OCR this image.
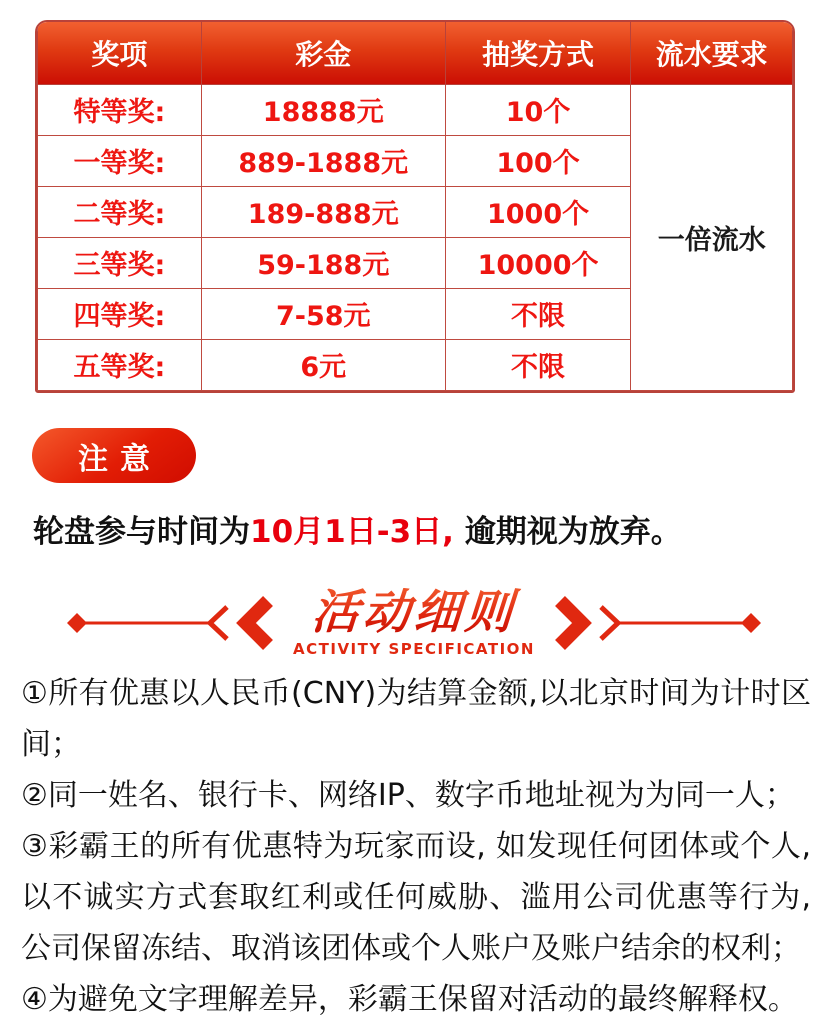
奖项	彩金	抽奖方式	流水要求
特等奖:	18888元	10个	一倍流水
一等奖:	889-1888元	100个	
二等奖:	189-888元	1000个	
三等奖:	59-188元	10000个	
四等奖:	7-58元	不限	
五等奖:	6元	不限	
注意

轮盘参与时间为10月1日-3日, 逾期视为放弃。

活动细则
ACTIVITY SPECIFICATION

①所有优惠以人民币(CNY)为结算金额,以北京时间为计时区间；

②同一姓名、银行卡、网络IP、数字币地址视为为同一人；

③彩霸王的所有优惠特为玩家而设, 如发现任何团体或个人, 以不诚实方式套取红利或任何威胁、滥用公司优惠等行为, 公司保留冻结、取消该团体或个人账户及账户结余的权利；

④为避免文字理解差异，彩霸王保留对活动的最终解释权。
